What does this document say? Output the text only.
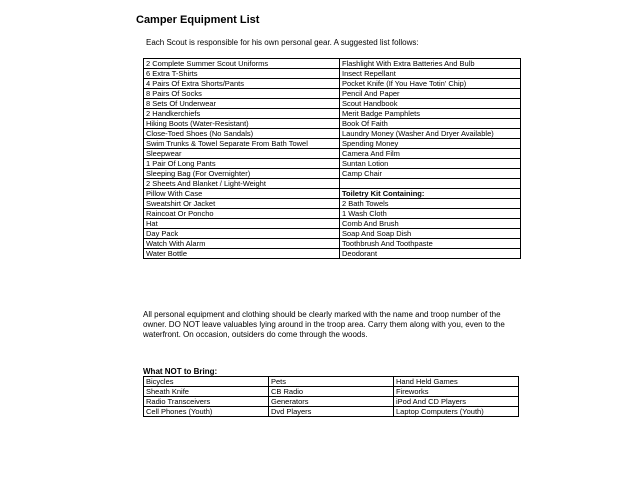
Camper Equipment List
Each Scout is responsible for his own personal gear. A suggested list follows:
2 Complete Summer Scout Uniforms	Flashlight With Extra Batteries And Bulb
6 Extra T-Shirts	Insect Repellant
4 Pairs Of Extra Shorts/Pants	Pocket Knife (If You Have Totin' Chip)
8 Pairs Of Socks	Pencil And Paper
8 Sets Of Underwear	Scout Handbook
2 Handkerchiefs	Merit Badge Pamphlets
Hiking Boots (Water-Resistant)	Book Of Faith
Close-Toed Shoes (No Sandals)	Laundry Money (Washer And Dryer Available)
Swim Trunks & Towel Separate From Bath Towel	Spending Money
Sleepwear	Camera And Film
1 Pair Of Long Pants	Suntan Lotion
Sleeping Bag (For Overnighter)	Camp Chair
2 Sheets And Blanket / Light-Weight	
Pillow With Case	Toiletry Kit Containing:
Sweatshirt Or Jacket	2 Bath Towels
Raincoat Or Poncho	1 Wash Cloth
Hat	Comb And Brush
Day Pack	Soap And Soap Dish
Watch With Alarm	Toothbrush And Toothpaste
Water Bottle	Deodorant
All personal equipment and clothing should be clearly marked with the name and troop number of the owner. DO NOT leave valuables lying around in the troop area. Carry them along with you, even to the waterfront. On occasion, outsiders do come through the woods.
What NOT to Bring:
Bicycles	Pets	Hand Held Games
Sheath Knife	CB Radio	Fireworks
Radio Transceivers	Generators	iPod And CD Players
Cell Phones (Youth)	Dvd Players	Laptop Computers (Youth)
